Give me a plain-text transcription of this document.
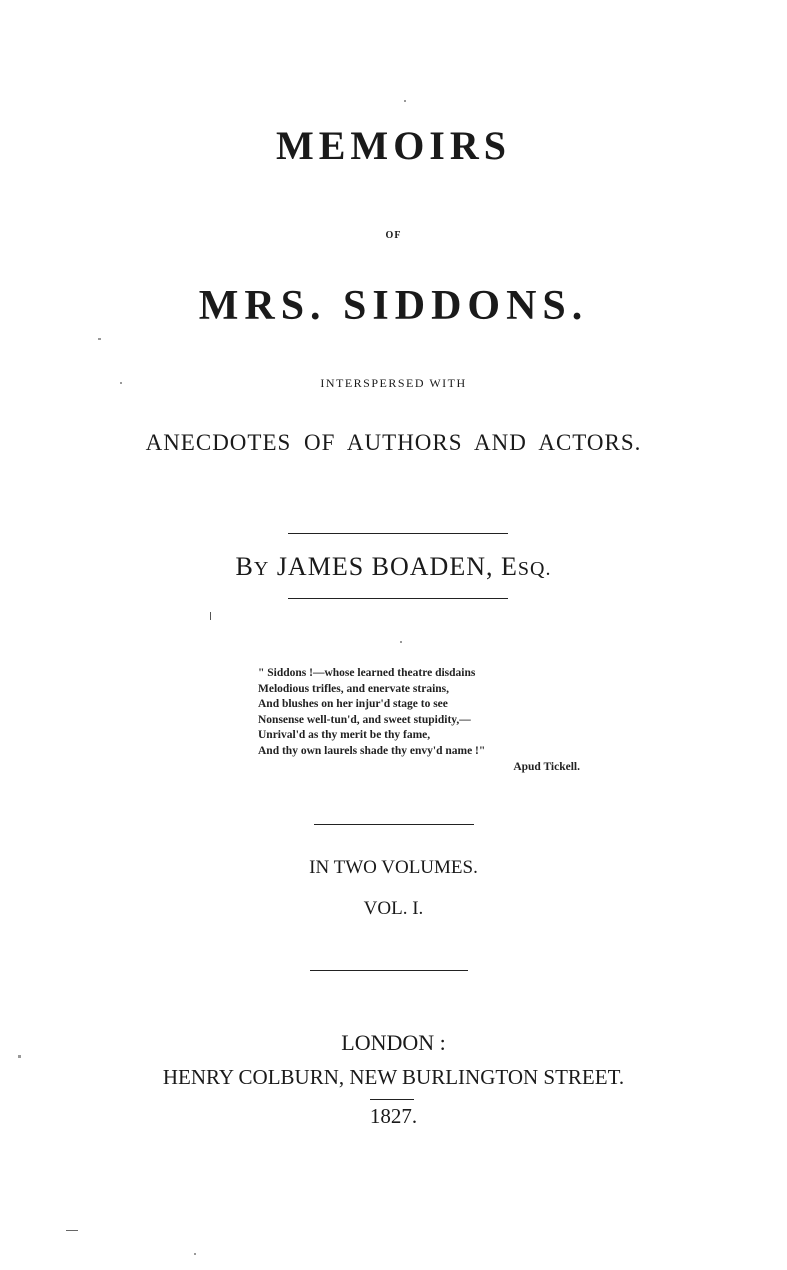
MEMOIRS
OF
MRS. SIDDONS.
INTERSPERSED WITH
ANECDOTES OF AUTHORS AND ACTORS.
BY JAMES BOADEN, ESQ.
" Siddons !—whose learned theatre disdains
Melodious trifles, and enervate strains,
And blushes on her injur'd stage to see
Nonsense well-tun'd, and sweet stupidity,—
Unrival'd as thy merit be thy fame,
And thy own laurels shade thy envy'd name !"
Apud Tickell.
IN TWO VOLUMES.
VOL. I.
LONDON :
HENRY COLBURN, NEW BURLINGTON STREET.
1827.
